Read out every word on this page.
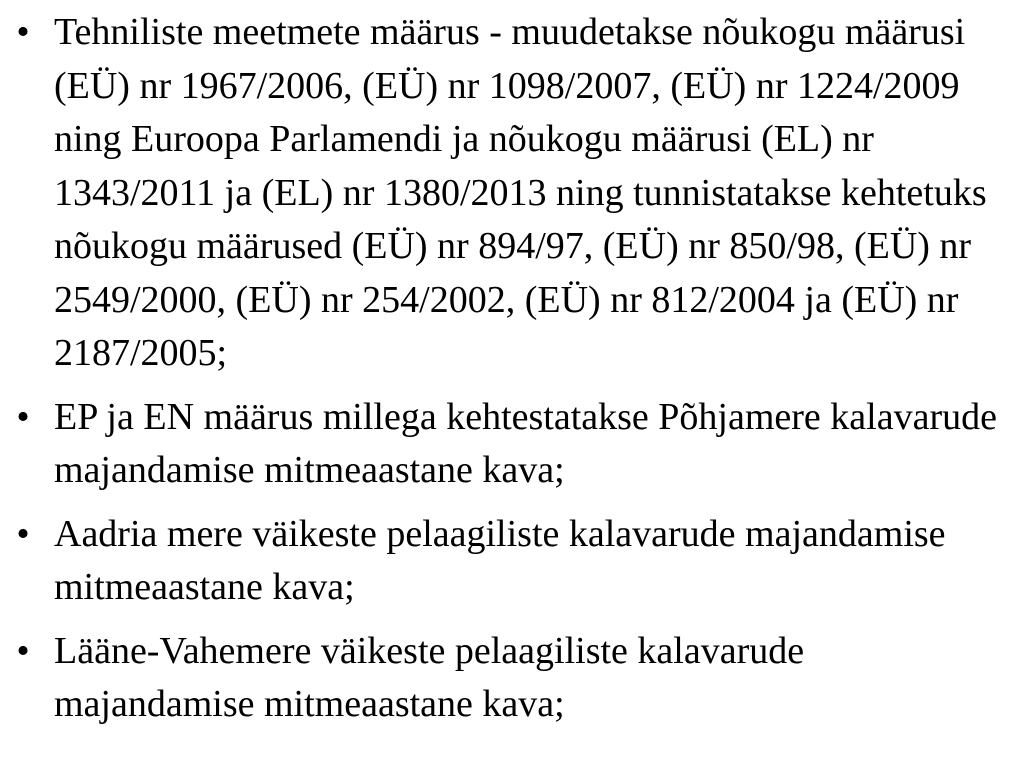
• Tehniliste meetmete määrus - muudetakse nõukogu määrusi (EÜ) nr 1967/2006, (EÜ) nr 1098/2007, (EÜ) nr 1224/2009 ning Euroopa Parlamendi ja nõukogu määrusi (EL) nr 1343/2011 ja (EL) nr 1380/2013 ning tunnistatakse kehtetuks nõukogu määrused (EÜ) nr 894/97, (EÜ) nr 850/98, (EÜ) nr 2549/2000, (EÜ) nr 254/2002, (EÜ) nr 812/2004 ja (EÜ) nr 2187/2005;
• EP ja EN määrus millega kehtestatakse Põhjamere kalavarude majandamise mitmeaastane kava;
• Aadria mere väikeste pelaagiliste kalavarude majandamise mitmeaastane kava;
• Lääne-Vahemere väikeste pelaagiliste kalavarude majandamise mitmeaastane kava;
